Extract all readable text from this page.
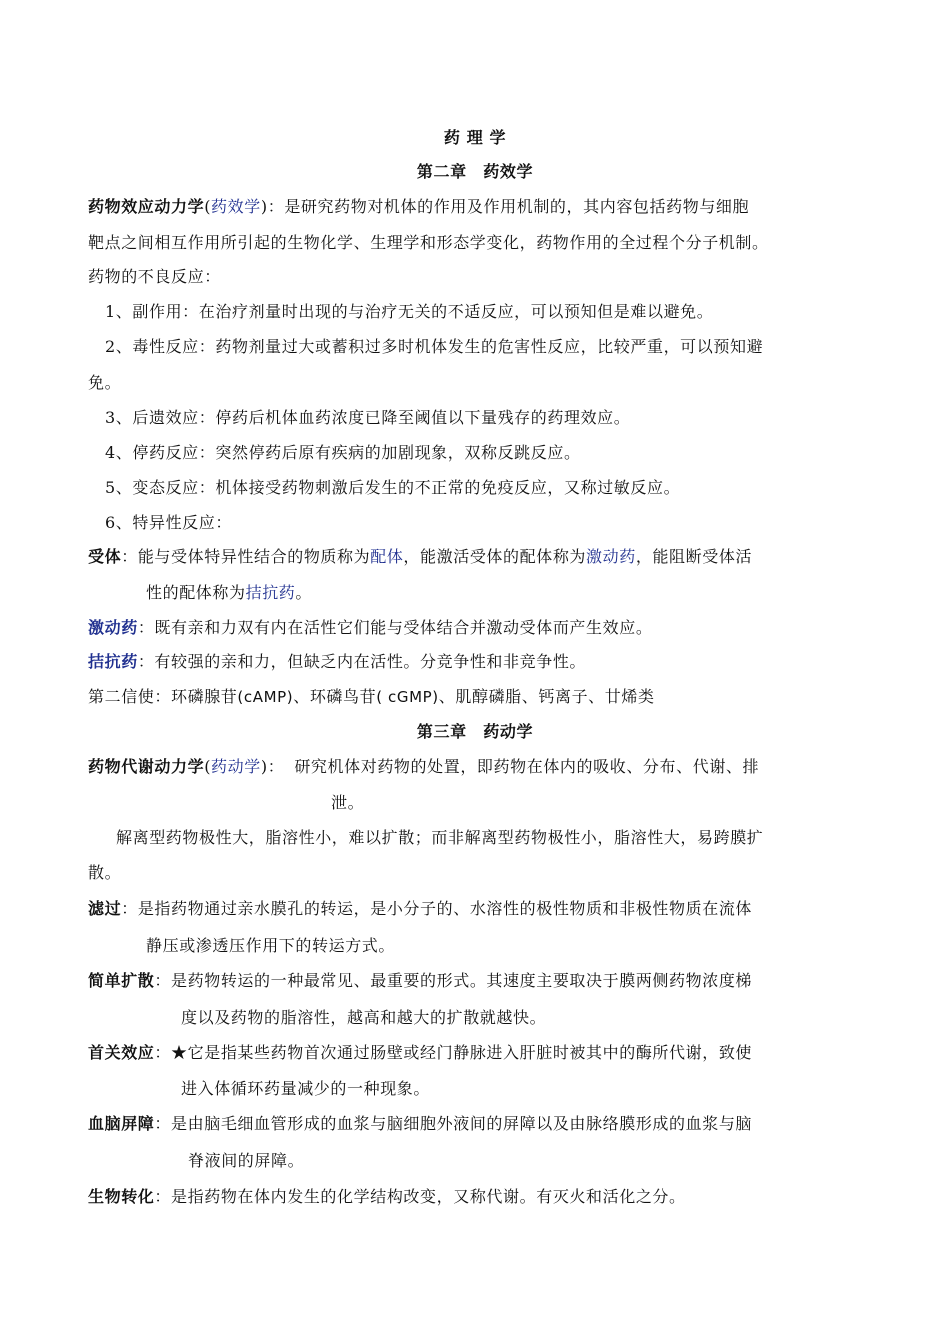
药 理 学
第二章　药效学
药物效应动力学(药效学)：是研究药物对机体的作用及作用机制的，其内容包括药物与细胞
靶点之间相互作用所引起的生物化学、生理学和形态学变化，药物作用的全过程个分子机制。
药物的不良反应：
1、副作用：在治疗剂量时出现的与治疗无关的不适反应，可以预知但是难以避免。
2、毒性反应：药物剂量过大或蓄积过多时机体发生的危害性反应，比较严重，可以预知避
免。
3、后遗效应：停药后机体血药浓度已降至阈值以下量残存的药理效应。
4、停药反应：突然停药后原有疾病的加剧现象，双称反跳反应。
5、变态反应：机体接受药物刺激后发生的不正常的免疫反应，又称过敏反应。
6、特异性反应：
受体：能与受体特异性结合的物质称为配体，能激活受体的配体称为激动药，能阻断受体活
性的配体称为拮抗药。
激动药：既有亲和力双有内在活性它们能与受体结合并激动受体而产生效应。
拮抗药：有较强的亲和力，但缺乏内在活性。分竞争性和非竞争性。
第二信使：环磷腺苷(cAMP)、环磷鸟苷( cGMP)、肌醇磷脂、钙离子、廿烯类
第三章　药动学
药物代谢动力学(药动学)： 研究机体对药物的处置，即药物在体内的吸收、分布、代谢、排
泄。
解离型药物极性大，脂溶性小，难以扩散；而非解离型药物极性小，脂溶性大，易跨膜扩
散。
滤过：是指药物通过亲水膜孔的转运，是小分子的、水溶性的极性物质和非极性物质在流体
静压或渗透压作用下的转运方式。
简单扩散：是药物转运的一种最常见、最重要的形式。其速度主要取决于膜两侧药物浓度梯
度以及药物的脂溶性，越高和越大的扩散就越快。
首关效应：★它是指某些药物首次通过肠壁或经门静脉进入肝脏时被其中的酶所代谢，致使
进入体循环药量减少的一种现象。
血脑屏障：是由脑毛细血管形成的血浆与脑细胞外液间的屏障以及由脉络膜形成的血浆与脑
脊液间的屏障。
生物转化：是指药物在体内发生的化学结构改变，又称代谢。有灭火和活化之分。
